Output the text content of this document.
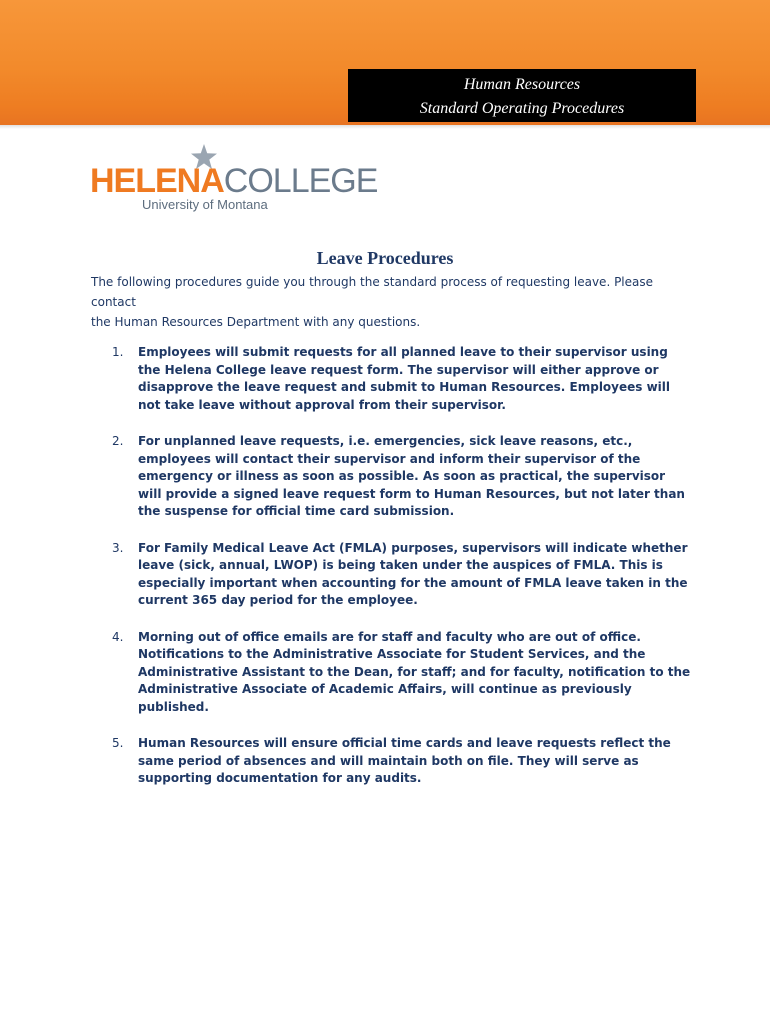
Human Resources
Standard Operating Procedures
HELENACOLLEGE
University of Montana
Leave Procedures

The following procedures guide you through the standard process of requesting leave. Please contact

the Human Resources Department with any questions.

1. Employees will submit requests for all planned leave to their supervisor using the Helena College leave request form. The supervisor will either approve or disapprove the leave request and submit to Human Resources. Employees will not take leave without approval from their supervisor.
2. For unplanned leave requests, i.e. emergencies, sick leave reasons, etc., employees will contact their supervisor and inform their supervisor of the emergency or illness as soon as possible. As soon as practical, the supervisor will provide a signed leave request form to Human Resources, but not later than the suspense for official time card submission.
3. For Family Medical Leave Act (FMLA) purposes, supervisors will indicate whether leave (sick, annual, LWOP) is being taken under the auspices of FMLA. This is especially important when accounting for the amount of FMLA leave taken in the current 365 day period for the employee.
4. Morning out of office emails are for staff and faculty who are out of office. Notifications to the Administrative Associate for Student Services, and the Administrative Assistant to the Dean, for staff; and for faculty, notification to the Administrative Associate of Academic Affairs, will continue as previously published.
5. Human Resources will ensure official time cards and leave requests reflect the same period of absences and will maintain both on file. They will serve as supporting documentation for any audits.
